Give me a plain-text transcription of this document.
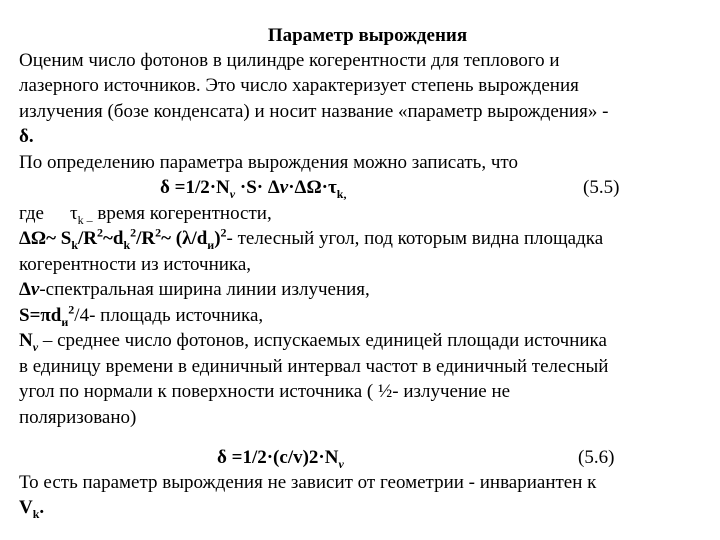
Параметр вырождения
Оценим число фотонов в цилиндре когерентности для теплового и
лазерного источников. Это число характеризует степень вырождения
излучения (бозе конденсата) и носит название «параметр вырождения» -
δ.
По определению параметра вырождения можно записать, что
$\delta =1/2\cdot N_\nu \cdot S\cdot \Delta\nu\cdot\Delta\Omega\cdot\tau_{k,}$	(5.5)
где $\tau_{k -}$ время когерентности,
ΔΩ~ $S_k/R^2\sim d_k^2/R^2\sim$ $(\lambda/d_и)^2-$ телесный угол, под которым видна площадка
когерентности из источника,
Δν-спектральная ширина линии излучения,
$S=\pi d_и^2/4-$ площадь источника,
$N_\nu$ – среднее число фотонов, испускаемых единицей площади источника
в единицу времени в единичный интервал частот в единичный телесный
угол по нормали к поверхности источника ( ½- излучение не
поляризовано)
$\delta =1/2\cdot(c/v)2\cdot N_\nu$	(5.6)
То есть параметр вырождения не зависит от геометрии - инвариантен к
$V_k$.
